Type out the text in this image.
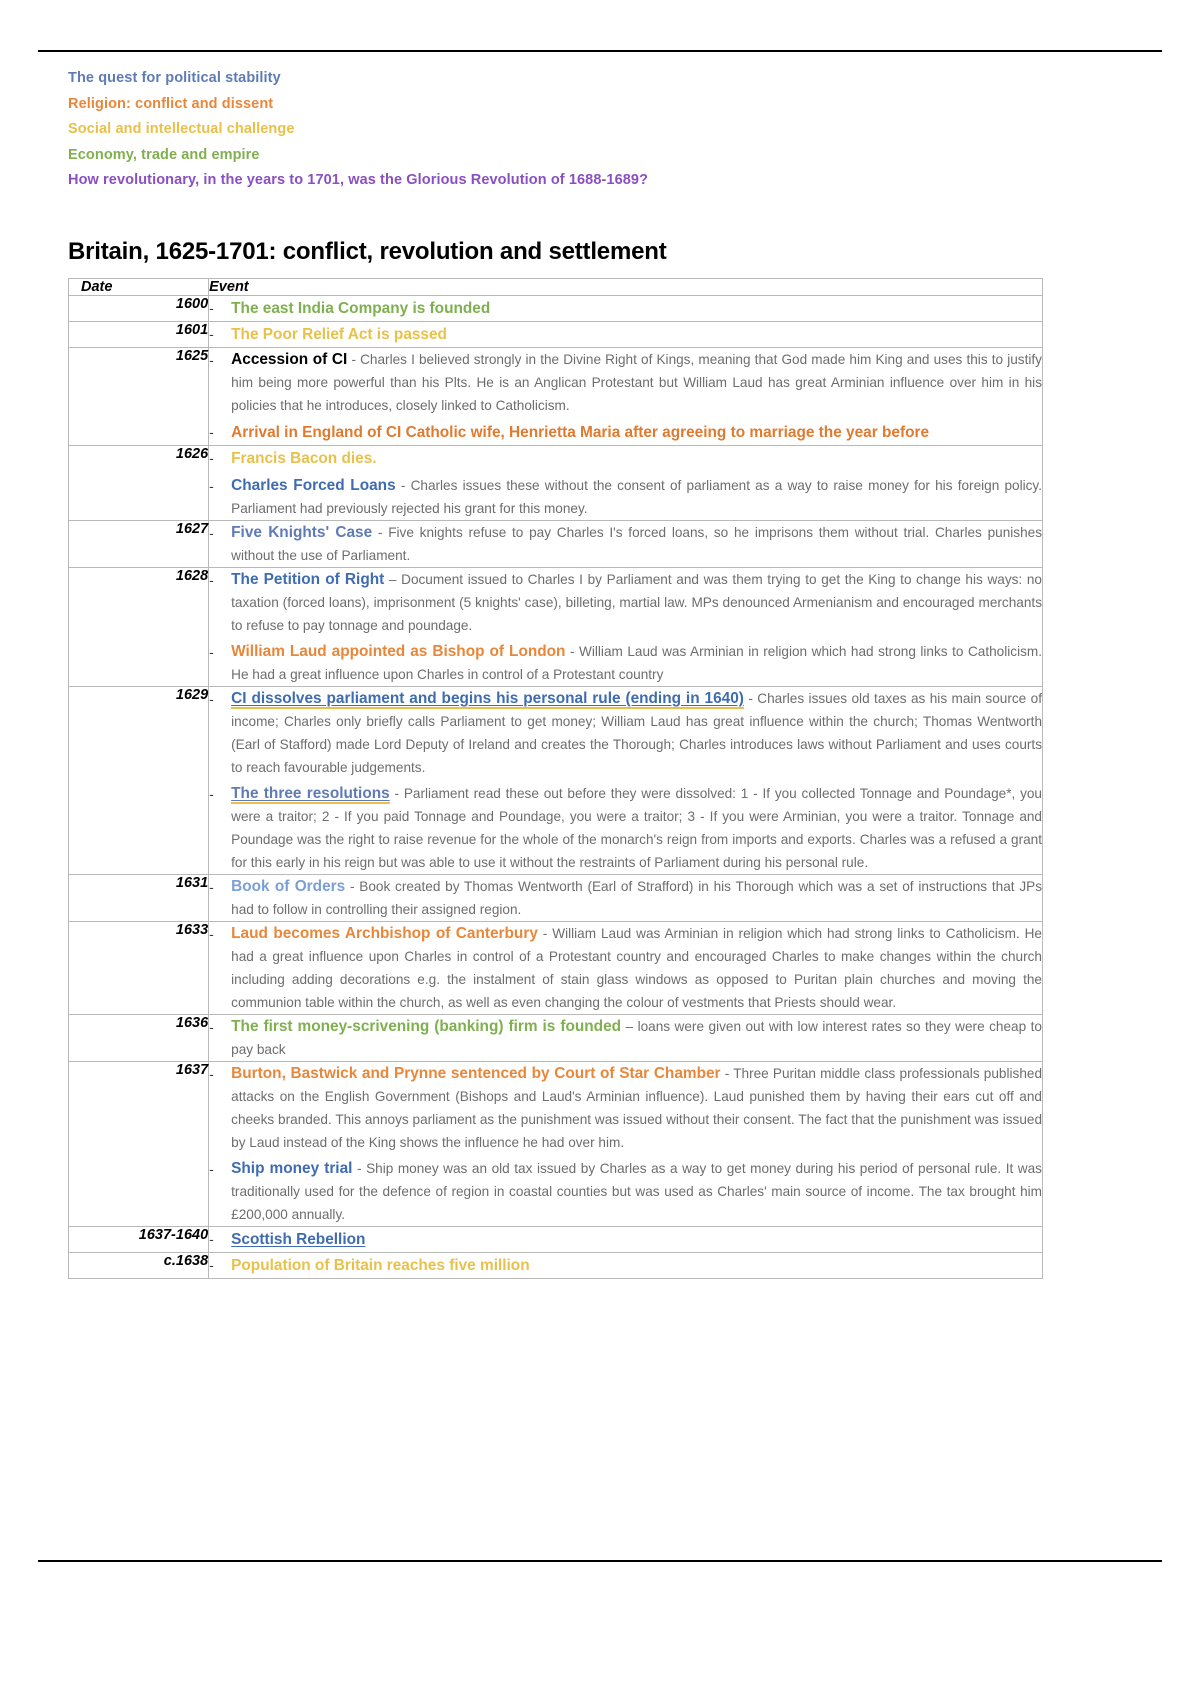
The quest for political stability
Religion: conflict and dissent
Social and intellectual challenge
Economy, trade and empire
How revolutionary, in the years to 1701, was the Glorious Revolution of 1688-1689?
Britain, 1625-1701: conflict, revolution and settlement
Date	Event
1600	- The east India Company is founded

1601	- The Poor Relief Act is passed

1625	- Accession of CI - Charles I believed strongly in the Divine Right of Kings, meaning that God made him King and uses this to justify him being more powerful than his Plts. He is an Anglican Protestant but William Laud has great Arminian influence over him in his policies that he introduces, closely linked to Catholicism.
- Arrival in England of CI Catholic wife, Henrietta Maria after agreeing to marriage the year before

1626	- Francis Bacon dies.
- Charles Forced Loans - Charles issues these without the consent of parliament as a way to raise money for his foreign policy. Parliament had previously rejected his grant for this money.

1627	- Five Knights' Case - Five knights refuse to pay Charles I's forced loans, so he imprisons them without trial. Charles punishes without the use of Parliament.

1628	- The Petition of Right – Document issued to Charles I by Parliament and was them trying to get the King to change his ways: no taxation (forced loans), imprisonment (5 knights' case), billeting, martial law. MPs denounced Armenianism and encouraged merchants to refuse to pay tonnage and poundage.
- William Laud appointed as Bishop of London - William Laud was Arminian in religion which had strong links to Catholicism. He had a great influence upon Charles in control of a Protestant country

1629	- CI dissolves parliament and begins his personal rule (ending in 1640) - Charles issues old taxes as his main source of income; Charles only briefly calls Parliament to get money; William Laud has great influence within the church; Thomas Wentworth (Earl of Stafford) made Lord Deputy of Ireland and creates the Thorough; Charles introduces laws without Parliament and uses courts to reach favourable judgements.
- The three resolutions - Parliament read these out before they were dissolved: 1 - If you collected Tonnage and Poundage*, you were a traitor; 2 - If you paid Tonnage and Poundage, you were a traitor; 3 - If you were Arminian, you were a traitor. Tonnage and Poundage was the right to raise revenue for the whole of the monarch's reign from imports and exports. Charles was a refused a grant for this early in his reign but was able to use it without the restraints of Parliament during his personal rule.

1631	- Book of Orders - Book created by Thomas Wentworth (Earl of Strafford) in his Thorough which was a set of instructions that JPs had to follow in controlling their assigned region.

1633	- Laud becomes Archbishop of Canterbury - William Laud was Arminian in religion which had strong links to Catholicism. He had a great influence upon Charles in control of a Protestant country and encouraged Charles to make changes within the church including adding decorations e.g. the instalment of stain glass windows as opposed to Puritan plain churches and moving the communion table within the church, as well as even changing the colour of vestments that Priests should wear.

1636	- The first money-scrivening (banking) firm is founded – loans were given out with low interest rates so they were cheap to pay back

1637	- Burton, Bastwick and Prynne sentenced by Court of Star Chamber - Three Puritan middle class professionals published attacks on the English Government (Bishops and Laud's Arminian influence). Laud punished them by having their ears cut off and cheeks branded. This annoys parliament as the punishment was issued without their consent. The fact that the punishment was issued by Laud instead of the King shows the influence he had over him.
- Ship money trial - Ship money was an old tax issued by Charles as a way to get money during his period of personal rule. It was traditionally used for the defence of region in coastal counties but was used as Charles' main source of income. The tax brought him £200,000 annually.

1637-1640	- Scottish Rebellion

c.1638	- Population of Britain reaches five million
